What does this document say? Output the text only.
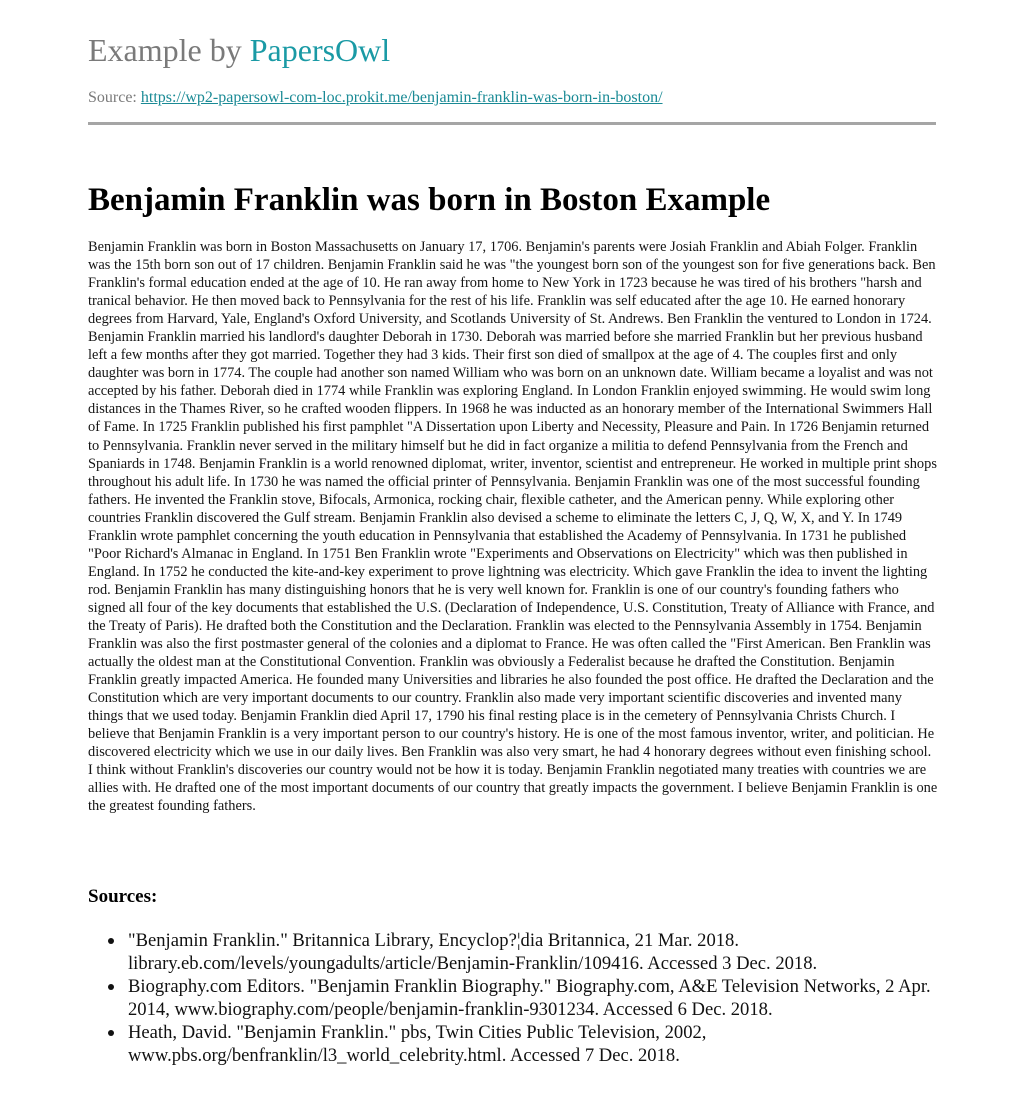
Example by PapersOwl
Source: https://wp2-papersowl-com-loc.prokit.me/benjamin-franklin-was-born-in-boston/
Benjamin Franklin was born in Boston Example

Benjamin Franklin was born in Boston Massachusetts on January 17, 1706. Benjamin's parents were Josiah Franklin and Abiah Folger. Franklin was the 15th born son out of 17 children. Benjamin Franklin said he was "the youngest born son of the youngest son for five generations back. Ben Franklin's formal education ended at the age of 10. He ran away from home to New York in 1723 because he was tired of his brothers "harsh and tranical behavior. He then moved back to Pennsylvania for the rest of his life. Franklin was self educated after the age 10. He earned honorary degrees from Harvard, Yale, England's Oxford University, and Scotlands University of St. Andrews. Ben Franklin the ventured to London in 1724. Benjamin Franklin married his landlord's daughter Deborah in 1730. Deborah was married before she married Franklin but her previous husband left a few months after they got married. Together they had 3 kids. Their first son died of smallpox at the age of 4. The couples first and only daughter was born in 1774. The couple had another son named William who was born on an unknown date. William became a loyalist and was not accepted by his father. Deborah died in 1774 while Franklin was exploring England. In London Franklin enjoyed swimming. He would swim long distances in the Thames River, so he crafted wooden flippers. In 1968 he was inducted as an honorary member of the International Swimmers Hall of Fame. In 1725 Franklin published his first pamphlet "A Dissertation upon Liberty and Necessity, Pleasure and Pain. In 1726 Benjamin returned to Pennsylvania. Franklin never served in the military himself but he did in fact organize a militia to defend Pennsylvania from the French and Spaniards in 1748. Benjamin Franklin is a world renowned diplomat, writer, inventor, scientist and entrepreneur. He worked in multiple print shops throughout his adult life. In 1730 he was named the official printer of Pennsylvania. Benjamin Franklin was one of the most successful founding fathers. He invented the Franklin stove, Bifocals, Armonica, rocking chair, flexible catheter, and the American penny. While exploring other countries Franklin discovered the Gulf stream. Benjamin Franklin also devised a scheme to eliminate the letters C, J, Q, W, X, and Y. In 1749 Franklin wrote pamphlet concerning the youth education in Pennsylvania that established the Academy of Pennsylvania. In 1731 he published "Poor Richard's Almanac in England. In 1751 Ben Franklin wrote "Experiments and Observations on Electricity" which was then published in England. In 1752 he conducted the kite-and-key experiment to prove lightning was electricity. Which gave Franklin the idea to invent the lighting rod. Benjamin Franklin has many distinguishing honors that he is very well known for. Franklin is one of our country's founding fathers who signed all four of the key documents that established the U.S. (Declaration of Independence, U.S. Constitution, Treaty of Alliance with France, and the Treaty of Paris). He drafted both the Constitution and the Declaration. Franklin was elected to the Pennsylvania Assembly in 1754. Benjamin Franklin was also the first postmaster general of the colonies and a diplomat to France. He was often called the "First American. Ben Franklin was actually the oldest man at the Constitutional Convention. Franklin was obviously a Federalist because he drafted the Constitution. Benjamin Franklin greatly impacted America. He founded many Universities and libraries he also founded the post office. He drafted the Declaration and the Constitution which are very important documents to our country. Franklin also made very important scientific discoveries and invented many things that we used today. Benjamin Franklin died April 17, 1790 his final resting place is in the cemetery of Pennsylvania Christs Church. I believe that Benjamin Franklin is a very important person to our country's history. He is one of the most famous inventor, writer, and politician. He discovered electricity which we use in our daily lives. Ben Franklin was also very smart, he had 4 honorary degrees without even finishing school. I think without Franklin's discoveries our country would not be how it is today. Benjamin Franklin negotiated many treaties with countries we are allies with. He drafted one of the most important documents of our country that greatly impacts the government. I believe Benjamin Franklin is one the greatest founding fathers.

Sources:
"Benjamin Franklin." Britannica Library, Encyclop?¦dia Britannica, 21 Mar. 2018. library.eb.com/levels/youngadults/article/Benjamin-Franklin/109416. Accessed 3 Dec. 2018.
Biography.com Editors. "Benjamin Franklin Biography." Biography.com, A&E Television Networks, 2 Apr. 2014, www.biography.com/people/benjamin-franklin-9301234. Accessed 6 Dec. 2018.
Heath, David. "Benjamin Franklin." pbs, Twin Cities Public Television, 2002, www.pbs.org/benfranklin/l3_world_celebrity.html. Accessed 7 Dec. 2018.
